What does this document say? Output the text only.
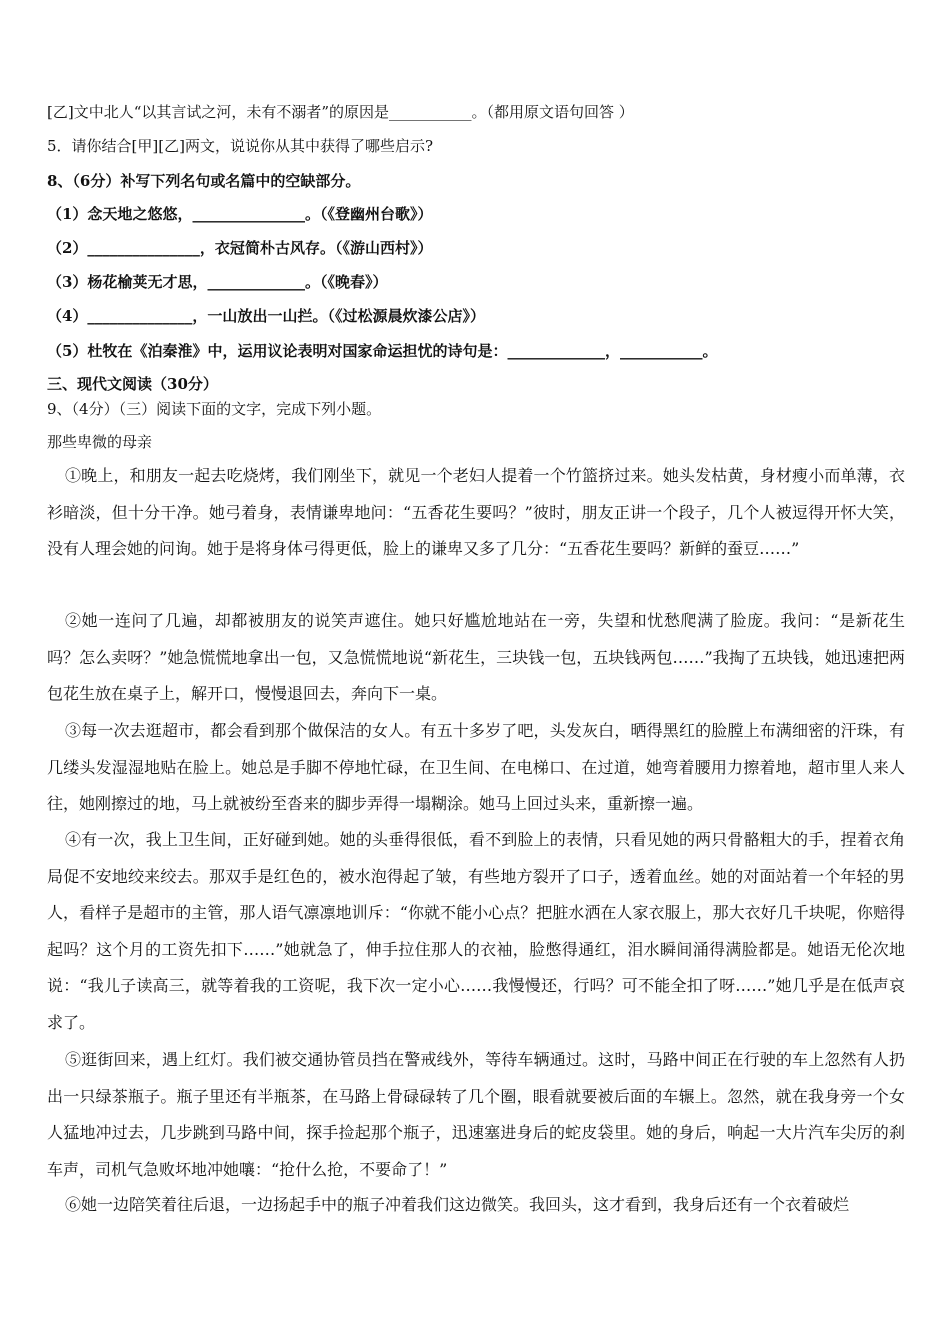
[乙]文中北人“以其言试之河，未有不溺者”的原因是___________。（都用原文语句回答 ）
5．请你结合[甲][乙]两文，说说你从其中获得了哪些启示?
8、（6分）补写下列名句或名篇中的空缺部分。
（1）念天地之悠悠，_______________。（《登幽州台歌》）
（2）_______________，衣冠简朴古风存。（《游山西村》）
（3）杨花榆荚无才思，_____________。（《晚春》）
（4）______________，一山放出一山拦。（《过松源晨炊漆公店》）
（5）杜牧在《泊秦淮》中，运用议论表明对国家命运担忧的诗句是：_____________，___________。
三、现代文阅读（30分）
9、（4分）（三）阅读下面的文字，完成下列小题。
那些卑微的母亲
①晚上，和朋友一起去吃烧烤，我们刚坐下，就见一个老妇人提着一个竹篮挤过来。她头发枯黄，身材瘦小而单薄，衣衫暗淡，但十分干净。她弓着身，表情谦卑地问：“五香花生要吗？”彼时，朋友正讲一个段子，几个人被逗得开怀大笑，没有人理会她的问询。她于是将身体弓得更低，脸上的谦卑又多了几分：“五香花生要吗？新鲜的蚕豆……”
②她一连问了几遍，却都被朋友的说笑声遮住。她只好尴尬地站在一旁，失望和忧愁爬满了脸庞。我问：“是新花生吗？怎么卖呀？”她急慌慌地拿出一包，又急慌慌地说“新花生，三块钱一包，五块钱两包……”我掏了五块钱，她迅速把两包花生放在桌子上，解开口，慢慢退回去，奔向下一桌。
③每一次去逛超市，都会看到那个做保洁的女人。有五十多岁了吧，头发灰白，晒得黑红的脸膛上布满细密的汗珠，有几缕头发湿湿地贴在脸上。她总是手脚不停地忙碌，在卫生间、在电梯口、在过道，她弯着腰用力擦着地，超市里人来人往，她刚擦过的地，马上就被纷至沓来的脚步弄得一塌糊涂。她马上回过头来，重新擦一遍。
④有一次，我上卫生间，正好碰到她。她的头垂得很低，看不到脸上的表情，只看见她的两只骨骼粗大的手，捏着衣角局促不安地绞来绞去。那双手是红色的，被水泡得起了皱，有些地方裂开了口子，透着血丝。她的对面站着一个年轻的男人，看样子是超市的主管，那人语气凛凛地训斥：“你就不能小心点？把脏水洒在人家衣服上，那大衣好几千块呢，你赔得起吗？这个月的工资先扣下……”她就急了，伸手拉住那人的衣袖，脸憋得通红，泪水瞬间涌得满脸都是。她语无伦次地说：“我儿子读高三，就等着我的工资呢，我下次一定小心……我慢慢还，行吗？可不能全扣了呀……”她几乎是在低声哀求了。
⑤逛街回来，遇上红灯。我们被交通协管员挡在警戒线外，等待车辆通过。这时，马路中间正在行驶的车上忽然有人扔出一只绿茶瓶子。瓶子里还有半瓶茶，在马路上骨碌碌转了几个圈，眼看就要被后面的车辗上。忽然，就在我身旁一个女人猛地冲过去，几步跳到马路中间，探手捡起那个瓶子，迅速塞进身后的蛇皮袋里。她的身后，响起一大片汽车尖厉的刹车声，司机气急败坏地冲她嚷：“抢什么抢，不要命了！”
⑥她一边陪笑着往后退，一边扬起手中的瓶子冲着我们这边微笑。我回头，这才看到，我身后还有一个衣着破烂
